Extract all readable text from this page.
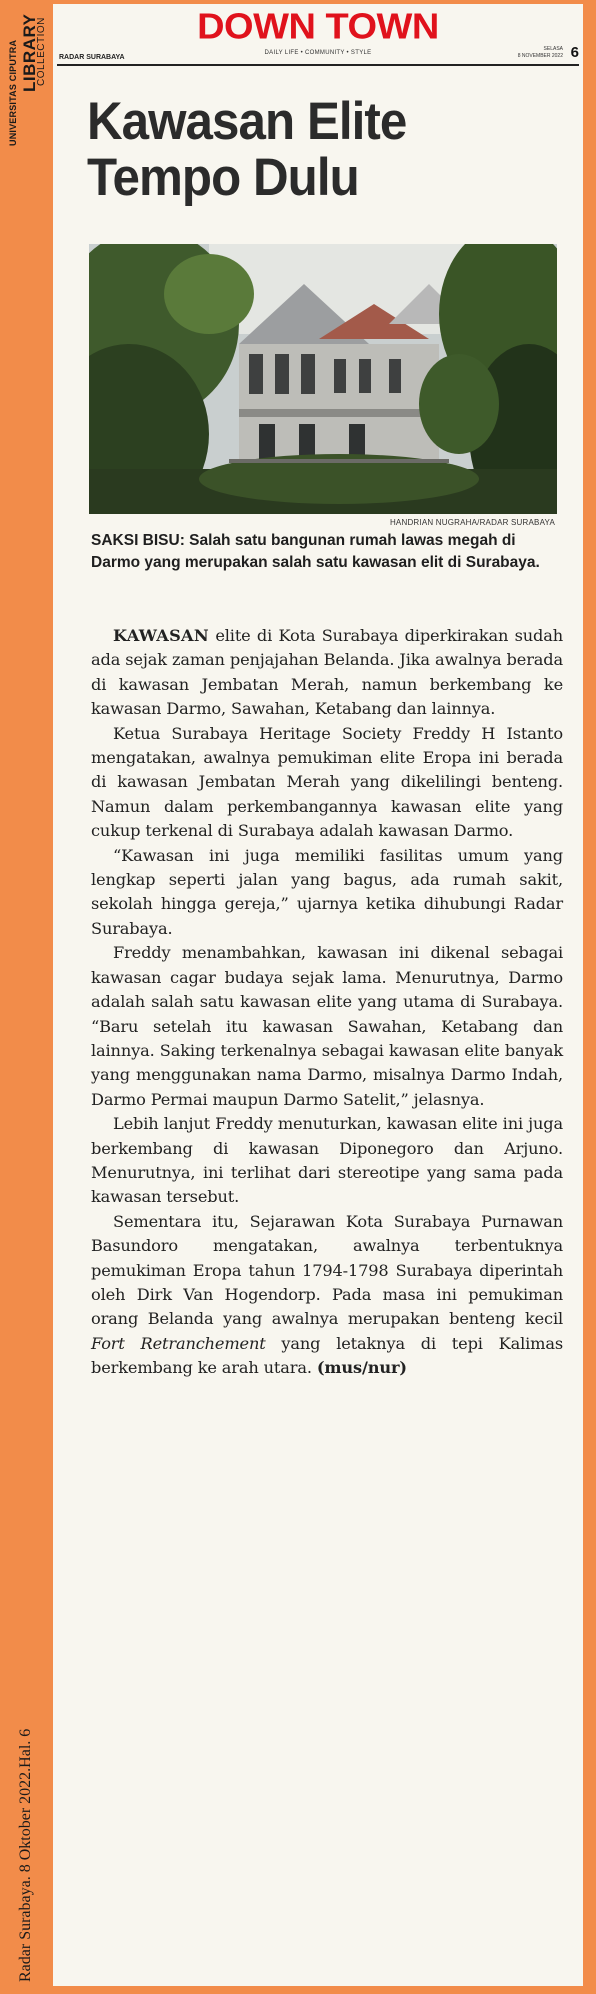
UNIVERSITAS CIPUTRA LIBRARY
COLLECTION
Radar Surabaya. 8 Oktober 2022.Hal. 6
DOWN TOWN
RADAR SURABAYA
DAILY LIFE • COMMUNITY • STYLE
SELASA
8 NOVEMBER 2022 6
Kawasan Elite
Tempo Dulu
HANDRIAN NUGRAHA/RADAR SURABAYA
SAKSI BISU: Salah satu bangunan rumah lawas megah di Darmo yang merupakan salah satu kawasan elit di Surabaya.

KAWASAN elite di Kota Surabaya diperkirakan sudah ada sejak zaman penjajahan Belanda. Jika awalnya berada di kawasan Jembatan Merah, namun berkembang ke kawasan Darmo, Sawahan, Ketabang dan lainnya.

Ketua Surabaya Heritage Society Freddy H Istanto mengatakan, awalnya pemukiman elite Eropa ini berada di kawasan Jembatan Merah yang dikelilingi benteng. Namun dalam perkembangannya kawasan elite yang cukup terkenal di Surabaya adalah kawasan Darmo.

“Kawasan ini juga memiliki fasilitas umum yang lengkap seperti jalan yang bagus, ada rumah sakit, sekolah hingga gereja,” ujarnya ketika dihubungi Radar Surabaya.

Freddy menambahkan, kawasan ini dikenal sebagai kawasan cagar budaya sejak lama. Menurutnya, Darmo adalah salah satu kawasan elite yang utama di Surabaya. “Baru setelah itu kawasan Sawahan, Ketabang dan lainnya. Saking terkenalnya sebagai kawasan elite banyak yang menggunakan nama Darmo, misalnya Darmo Indah, Darmo Permai maupun Darmo Satelit,” jelasnya.

Lebih lanjut Freddy menuturkan, kawasan elite ini juga berkembang di kawasan Diponegoro dan Arjuno. Menurutnya, ini terlihat dari stereotipe yang sama pada kawasan tersebut.

Sementara itu, Sejarawan Kota Surabaya Purnawan Basundoro mengatakan, awalnya terbentuknya pemukiman Eropa tahun 1794-1798 Surabaya diperintah oleh Dirk Van Hogendorp. Pada masa ini pemukiman orang Belanda yang awalnya merupakan benteng kecil Fort Retranchement yang letaknya di tepi Kalimas berkembang ke arah utara. (mus/nur)
